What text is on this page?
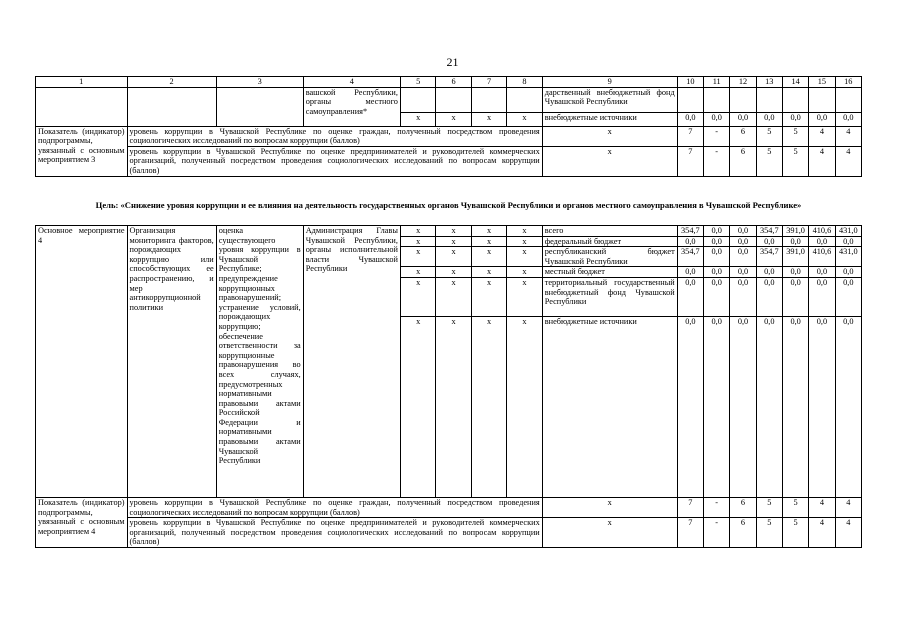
21
1	2	3	4	5	6	7	8	9	10	11	12	13	14	15	16
			вашской Республики, органы местного самоуправления*					дарственный внебюджетный фонд Чувашской Республики							
				x	x	x	x	внебюджетные источники	0,0	0,0	0,0	0,0	0,0	0,0	0,0
Показатель (индикатор) подпрограммы, увязанный с основным мероприятием 3	уровень коррупции в Чувашской Республике по оценке граждан, полученный посредством проведения социологических исследований по вопросам коррупции (баллов)							x	7	-	6	5	5	4	4
	уровень коррупции в Чувашской Республике по оценке предпринимателей и руководителей коммерческих организаций, полученный посредством проведения социологических исследований по вопросам коррупции (баллов)							x	7	-	6	5	5	4	4
Цель: «Снижение уровня коррупции и ее влияния на деятельность государственных органов Чувашской Республики и органов местного самоуправления в Чувашской Республике»
Основное мероприятие 4	Организация мониторинга факторов, порождающих коррупцию или способствующих ее распространению, и мер антикоррупционной политики	оценка существующего уровня коррупции в Чувашской Республике; предупреждение коррупционных правонарушений; устранение условий, порождающих коррупцию; обеспечение ответственности за коррупционные правонарушения во всех случаях, предусмотренных нормативными правовыми актами Российской Федерации и нормативными правовыми актами Чувашской Республики	Администрация Главы Чувашской Республики, органы исполнительной власти Чувашской Республики	x	x	x	x	всего	354,7	0,0	0,0	354,7	391,0	410,6	431,0
				x	x	x	x	федеральный бюджет	0,0	0,0	0,0	0,0	0,0	0,0	0,0
				x	x	x	x	республиканский бюджет Чувашской Республики	354,7	0,0	0,0	354,7	391,0	410,6	431,0
				x	x	x	x	местный бюджет	0,0	0,0	0,0	0,0	0,0	0,0	0,0
				x	x	x	x	территориальный государственный внебюджетный фонд Чувашской Республики	0,0	0,0	0,0	0,0	0,0	0,0	0,0
				x	x	x	x	внебюджетные источники	0,0	0,0	0,0	0,0	0,0	0,0	0,0
Показатель (индикатор) подпрограммы, увязанный с основным мероприятием 4	уровень коррупции в Чувашской Республике по оценке граждан, полученный посредством проведения социологических исследований по вопросам коррупции (баллов)							x	7	-	6	5	5	4	4
	уровень коррупции в Чувашской Республике по оценке предпринимателей и руководителей коммерческих организаций, полученный посредством проведения социологических исследований по вопросам коррупции (баллов)							x	7	-	6	5	5	4	4
